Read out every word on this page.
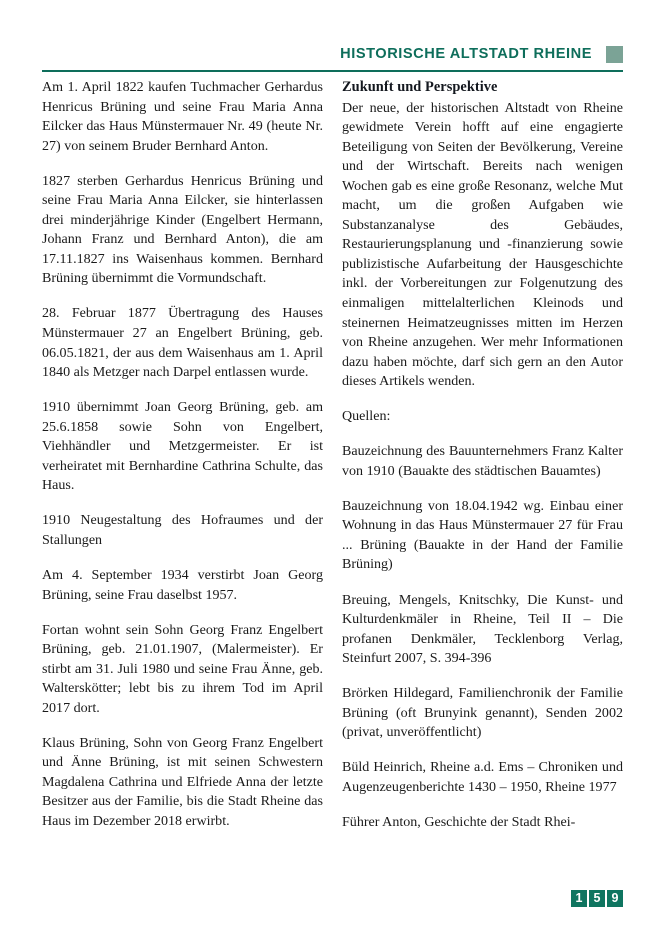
HISTORISCHE ALTSTADT RHEINE

Am 1. April 1822 kaufen Tuchmacher Gerhardus Henricus Brüning und seine Frau Maria Anna Eilcker das Haus Münstermauer Nr. 49 (heute Nr. 27) von seinem Bruder Bernhard Anton.

1827 sterben Gerhardus Henricus Brüning und seine Frau Maria Anna Eilcker, sie hinterlassen drei minderjährige Kinder (Engelbert Hermann, Johann Franz und Bernhard Anton), die am 17.11.1827 ins Waisenhaus kommen. Bernhard Brüning übernimmt die Vormundschaft.

28. Februar 1877 Übertragung des Hauses Münstermauer 27 an Engelbert Brüning, geb. 06.05.1821, der aus dem Waisenhaus am 1. April 1840 als Metzger nach Darpel entlassen wurde.

1910 übernimmt Joan Georg Brüning, geb. am 25.6.1858 sowie Sohn von Engelbert, Viehhändler und Metzgermeister. Er ist verheiratet mit Bernhardine Cathrina Schulte, das Haus.

1910 Neugestaltung des Hofraumes und der Stallungen

Am 4. September 1934 verstirbt Joan Georg Brüning, seine Frau daselbst 1957.

Fortan wohnt sein Sohn Georg Franz Engelbert Brüning, geb. 21.01.1907, (Malermeister). Er stirbt am 31. Juli 1980 und seine Frau Änne, geb. Walterskötter; lebt bis zu ihrem Tod im April 2017 dort.

Klaus Brüning, Sohn von Georg Franz Engelbert und Änne Brüning, ist mit seinen Schwestern Magdalena Cathrina und Elfriede Anna der letzte Besitzer aus der Familie, bis die Stadt Rheine das Haus im Dezember 2018 erwirbt.

Zukunft und Perspektive

Der neue, der historischen Altstadt von Rheine gewidmete Verein hofft auf eine engagierte Beteiligung von Seiten der Bevölkerung, Vereine und der Wirtschaft. Bereits nach wenigen Wochen gab es eine große Resonanz, welche Mut macht, um die großen Aufgaben wie Substanzanalyse des Gebäudes, Restaurierungsplanung und -finanzierung sowie publizistische Aufarbeitung der Hausgeschichte inkl. der Vorbereitungen zur Folgenutzung des einmaligen mittelalterlichen Kleinods und steinernen Heimatzeugnisses mitten im Herzen von Rheine anzugehen. Wer mehr Informationen dazu haben möchte, darf sich gern an den Autor dieses Artikels wenden.

Quellen:

Bauzeichnung des Bauunternehmers Franz Kalter von 1910 (Bauakte des städtischen Bauamtes)

Bauzeichnung von 18.04.1942 wg. Einbau einer Wohnung in das Haus Münstermauer 27 für Frau ... Brüning (Bauakte in der Hand der Familie Brüning)

Breuing, Mengels, Knitschky, Die Kunst- und Kulturdenkmäler in Rheine, Teil II – Die profanen Denkmäler, Tecklenborg Verlag, Steinfurt 2007, S. 394-396

Brörken Hildegard, Familienchronik der Familie Brüning (oft Brunyink genannt), Senden 2002 (privat, unveröffentlicht)

Büld Heinrich, Rheine a.d. Ems – Chroniken und Augenzeugenberichte 1430 – 1950, Rheine 1977

Führer Anton, Geschichte der Stadt Rhei-

1 5 9
